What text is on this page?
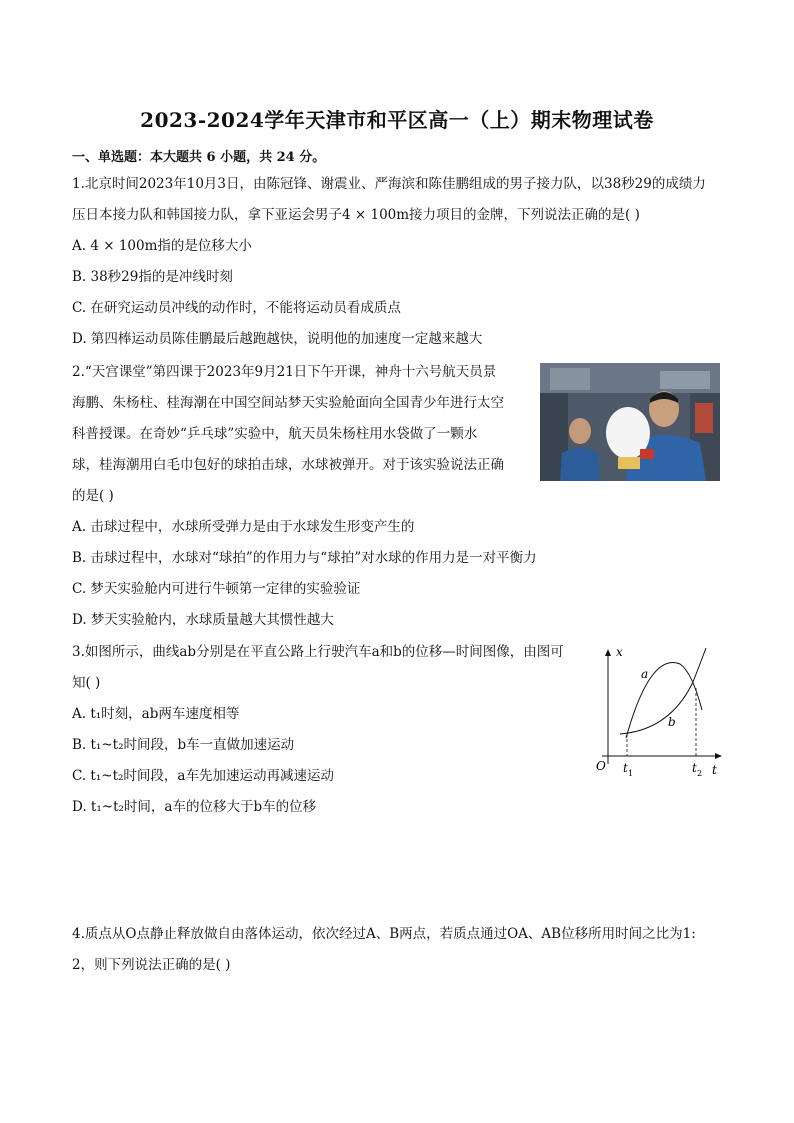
2023-2024学年天津市和平区高一（上）期末物理试卷
一、单选题：本大题共 6 小题，共 24 分。
1.北京时间2023年10月3日，由陈冠锋、谢震业、严海滨和陈佳鹏组成的男子接力队，以38秒29的成绩力
压日本接力队和韩国接力队，拿下亚运会男子4 × 100m接力项目的金牌，下列说法正确的是( )
A. 4 × 100m指的是位移大小
B. 38秒29指的是冲线时刻
C. 在研究运动员冲线的动作时，不能将运动员看成质点
D. 第四棒运动员陈佳鹏最后越跑越快，说明他的加速度一定越来越大
2.“天宫课堂”第四课于2023年9月21日下午开课，神舟十六号航天员景
海鹏、朱杨柱、桂海潮在中国空间站梦天实验舱面向全国青少年进行太空
科普授课。在奇妙“乒乓球”实验中，航天员朱杨柱用水袋做了一颗水
球，桂海潮用白毛巾包好的球拍击球，水球被弹开。对于该实验说法正确
的是( )
A. 击球过程中，水球所受弹力是由于水球发生形变产生的
B. 击球过程中，水球对“球拍”的作用力与“球拍”对水球的作用力是一对平衡力
C. 梦天实验舱内可进行牛顿第一定律的实验验证
D. 梦天实验舱内，水球质量越大其惯性越大
3.如图所示，曲线ab分别是在平直公路上行驶汽车a和b的位移—时间图像，由图可
知( )
A. t₁时刻，ab两车速度相等
B. t₁~t₂时间段，b车一直做加速运动
C. t₁~t₂时间段，a车先加速运动再减速运动
D. t₁~t₂时间，a车的位移大于b车的位移
x
t
O
a
b
t 1	t 2
4.质点从O点静止释放做自由落体运动，依次经过A、B两点，若质点通过OA、AB位移所用时间之比为1:
2，则下列说法正确的是( )
